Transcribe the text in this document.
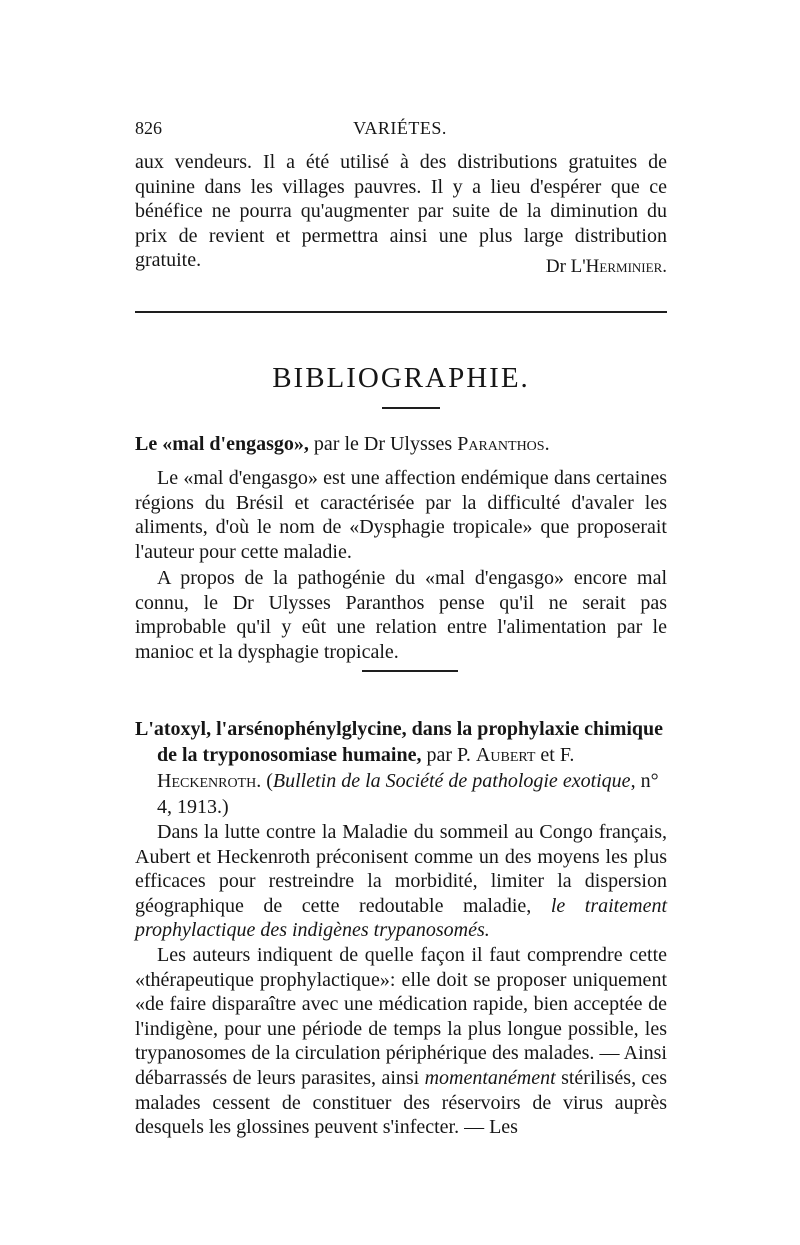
826	VARIÉTES.

aux vendeurs. Il a été utilisé à des distributions gratuites de quinine dans les villages pauvres. Il y a lieu d'espérer que ce bénéfice ne pourra qu'augmenter par suite de la diminution du prix de revient et permettra ainsi une plus large distribution gratuite.	Dr L'Herminier.
BIBLIOGRAPHIE.
Le «mal d'engasgo», par le Dr Ulysses Paranthos.

Le «mal d'engasgo» est une affection endémique dans certaines régions du Brésil et caractérisée par la difficulté d'avaler les aliments, d'où le nom de «Dysphagie tropicale» que proposerait l'auteur pour cette maladie.

A propos de la pathogénie du «mal d'engasgo» encore mal connu, le Dr Ulysses Paranthos pense qu'il ne serait pas improbable qu'il y eût une relation entre l'alimentation par le manioc et la dysphagie tropicale.

L'atoxyl, l'arsénophénylglycine, dans la prophylaxie chimique de la tryponosomiase humaine, par P. Aubert et F. Heckenroth. (Bulletin de la Société de pathologie exotique, n° 4, 1913.)

Dans la lutte contre la Maladie du sommeil au Congo français, Aubert et Heckenroth préconisent comme un des moyens les plus efficaces pour restreindre la morbidité, limiter la dispersion géographique de cette redoutable maladie, le traitement prophylactique des indigènes trypanosomés.

Les auteurs indiquent de quelle façon il faut comprendre cette «thérapeutique prophylactique»: elle doit se proposer uniquement «de faire disparaître avec une médication rapide, bien acceptée de l'indigène, pour une période de temps la plus longue possible, les trypanosomes de la circulation périphérique des malades. — Ainsi débarrassés de leurs parasites, ainsi momentanément stérilisés, ces malades cessent de constituer des réservoirs de virus auprès desquels les glossines peuvent s'infecter. — Les
